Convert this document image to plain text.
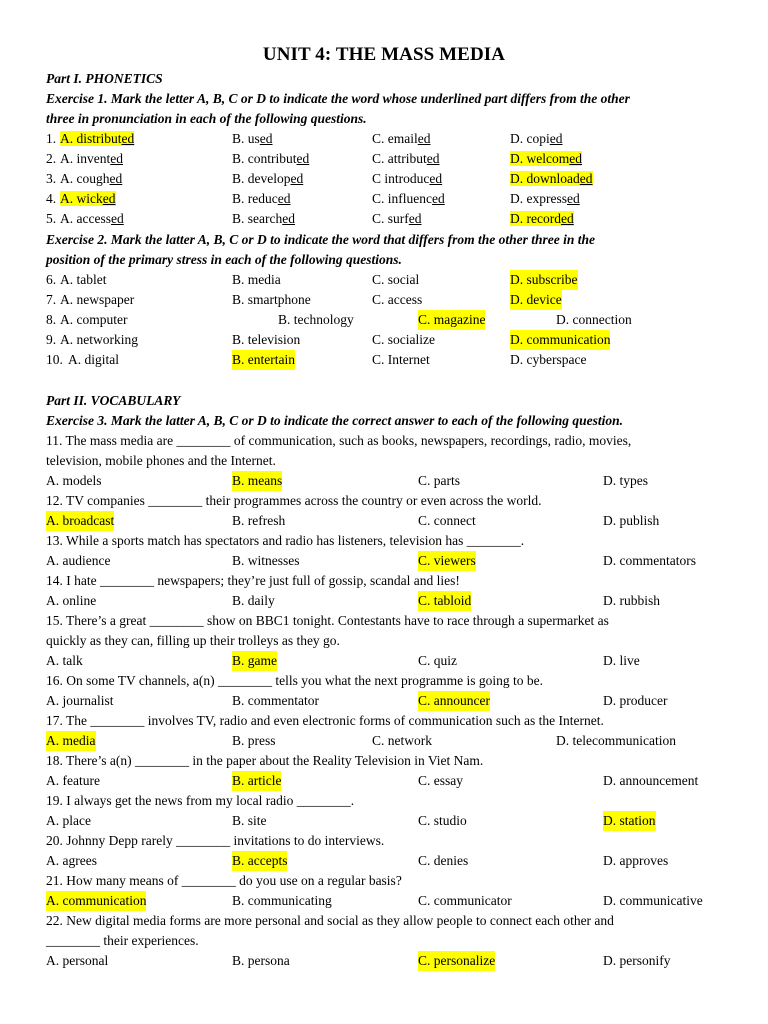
UNIT 4: THE MASS MEDIA
Part I. PHONETICS
Exercise 1. Mark the letter A, B, C or D to indicate the word whose underlined part differs from the other
three in pronunciation in each of the following questions.
1. A. distributed	B. used	C. emailed	D. copied
2. A. invented	B. contributed	C. attributed	D. welcomed
3. A. coughed	B. developed	C introduced	D. downloaded
4. A. wicked	B. reduced	C. influenced	D. expressed
5. A. accessed	B. searched	C. surfed	D. recorded
Exercise 2. Mark the latter A, B, C or D to indicate the word that differs from the other three in the
position of the primary stress in each of the following questions.
6. A. tablet	B. media	C. social	D. subscribe
7. A. newspaper	B. smartphone	C. access	D. device
8. A. computer	B. technology	C. magazine	D. connection
9. A. networking	B. television	C. socialize	D. communication
10. A. digital	B. entertain	C. Internet	D. cyberspace
Part II. VOCABULARY
Exercise 3. Mark the latter A, B, C or D to indicate the correct answer to each of the following question.
11. The mass media are ________ of communication, such as books, newspapers, recordings, radio, movies,
television, mobile phones and the Internet.
A. models	B. means	C. parts	D. types
12. TV companies ________ their programmes across the country or even across the world.
A. broadcast	B. refresh	C. connect	D. publish
13. While a sports match has spectators and radio has listeners, television has ________.
A. audience	B. witnesses	C. viewers	D. commentators
14. I hate ________ newspapers; they’re just full of gossip, scandal and lies!
A. online	B. daily	C. tabloid	D. rubbish
15. There’s a great ________ show on BBC1 tonight. Contestants have to race through a supermarket as
quickly as they can, filling up their trolleys as they go.
A. talk	B. game	C. quiz	D. live
16. On some TV channels, a(n) ________ tells you what the next programme is going to be.
A. journalist	B. commentator	C. announcer	D. producer
17. The ________ involves TV, radio and even electronic forms of communication such as the Internet.
A. media	B. press	C. network	D. telecommunication
18. There’s a(n) ________ in the paper about the Reality Television in Viet Nam.
A. feature	B. article	C. essay	D. announcement
19. I always get the news from my local radio ________.
A. place	B. site	C. studio	D. station
20. Johnny Depp rarely ________ invitations to do interviews.
A. agrees	B. accepts	C. denies	D. approves
21. How many means of ________ do you use on a regular basis?
A. communication	B. communicating	C. communicator	D. communicative
22. New digital media forms are more personal and social as they allow people to connect each other and
________ their experiences.
A. personal	B. persona	C. personalize	D. personify
